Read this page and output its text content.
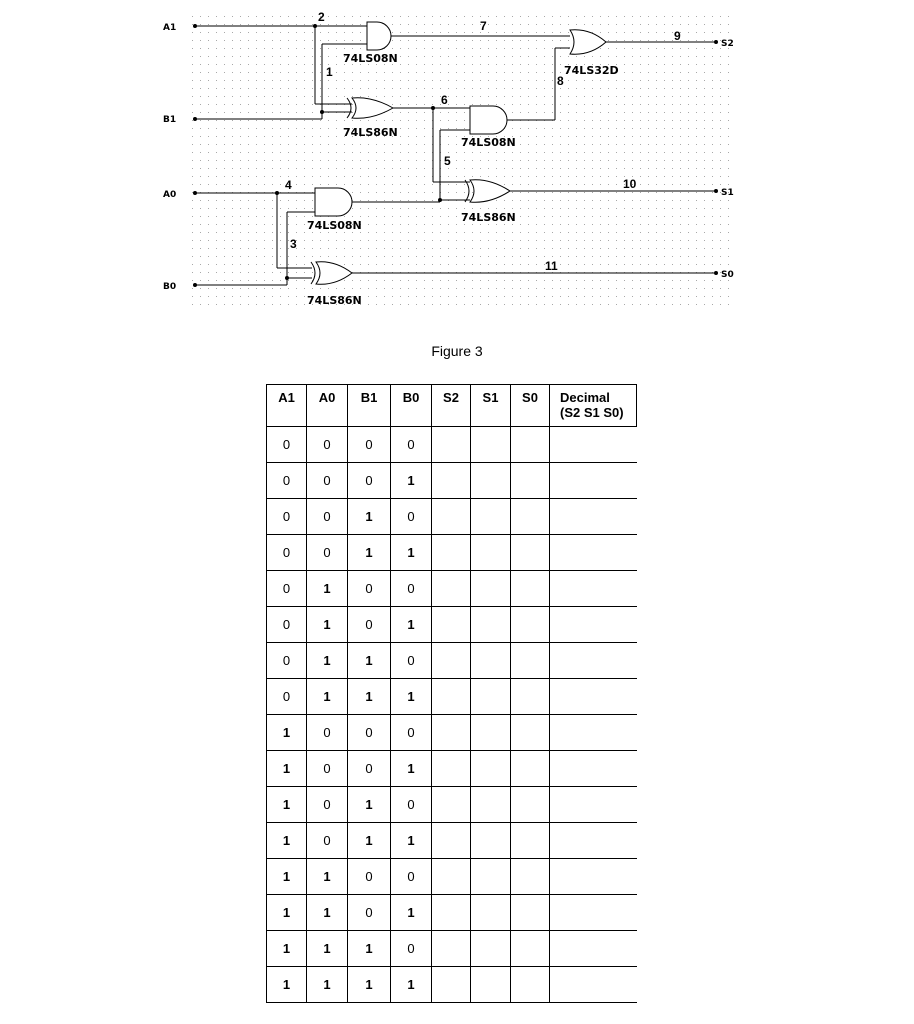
A1
B1
A0
B0
S2
S1
S0
1
2
3
4
5
6
7
8
9
10
11
74LS08N
74LS86N
74LS32D
74LS08N
74LS86N
74LS08N
74LS86N
Figure 3
A1	A0	B1	B0	S2	S1	S0	Decimal
(S2 S1 S0)

0	0	0	0				
0	0	0	1				
0	0	1	0				
0	0	1	1				
0	1	0	0				
0	1	0	1				
0	1	1	0				
0	1	1	1				
1	0	0	0				
1	0	0	1				
1	0	1	0				
1	0	1	1				
1	1	0	0				
1	1	0	1				
1	1	1	0				
1	1	1	1				
